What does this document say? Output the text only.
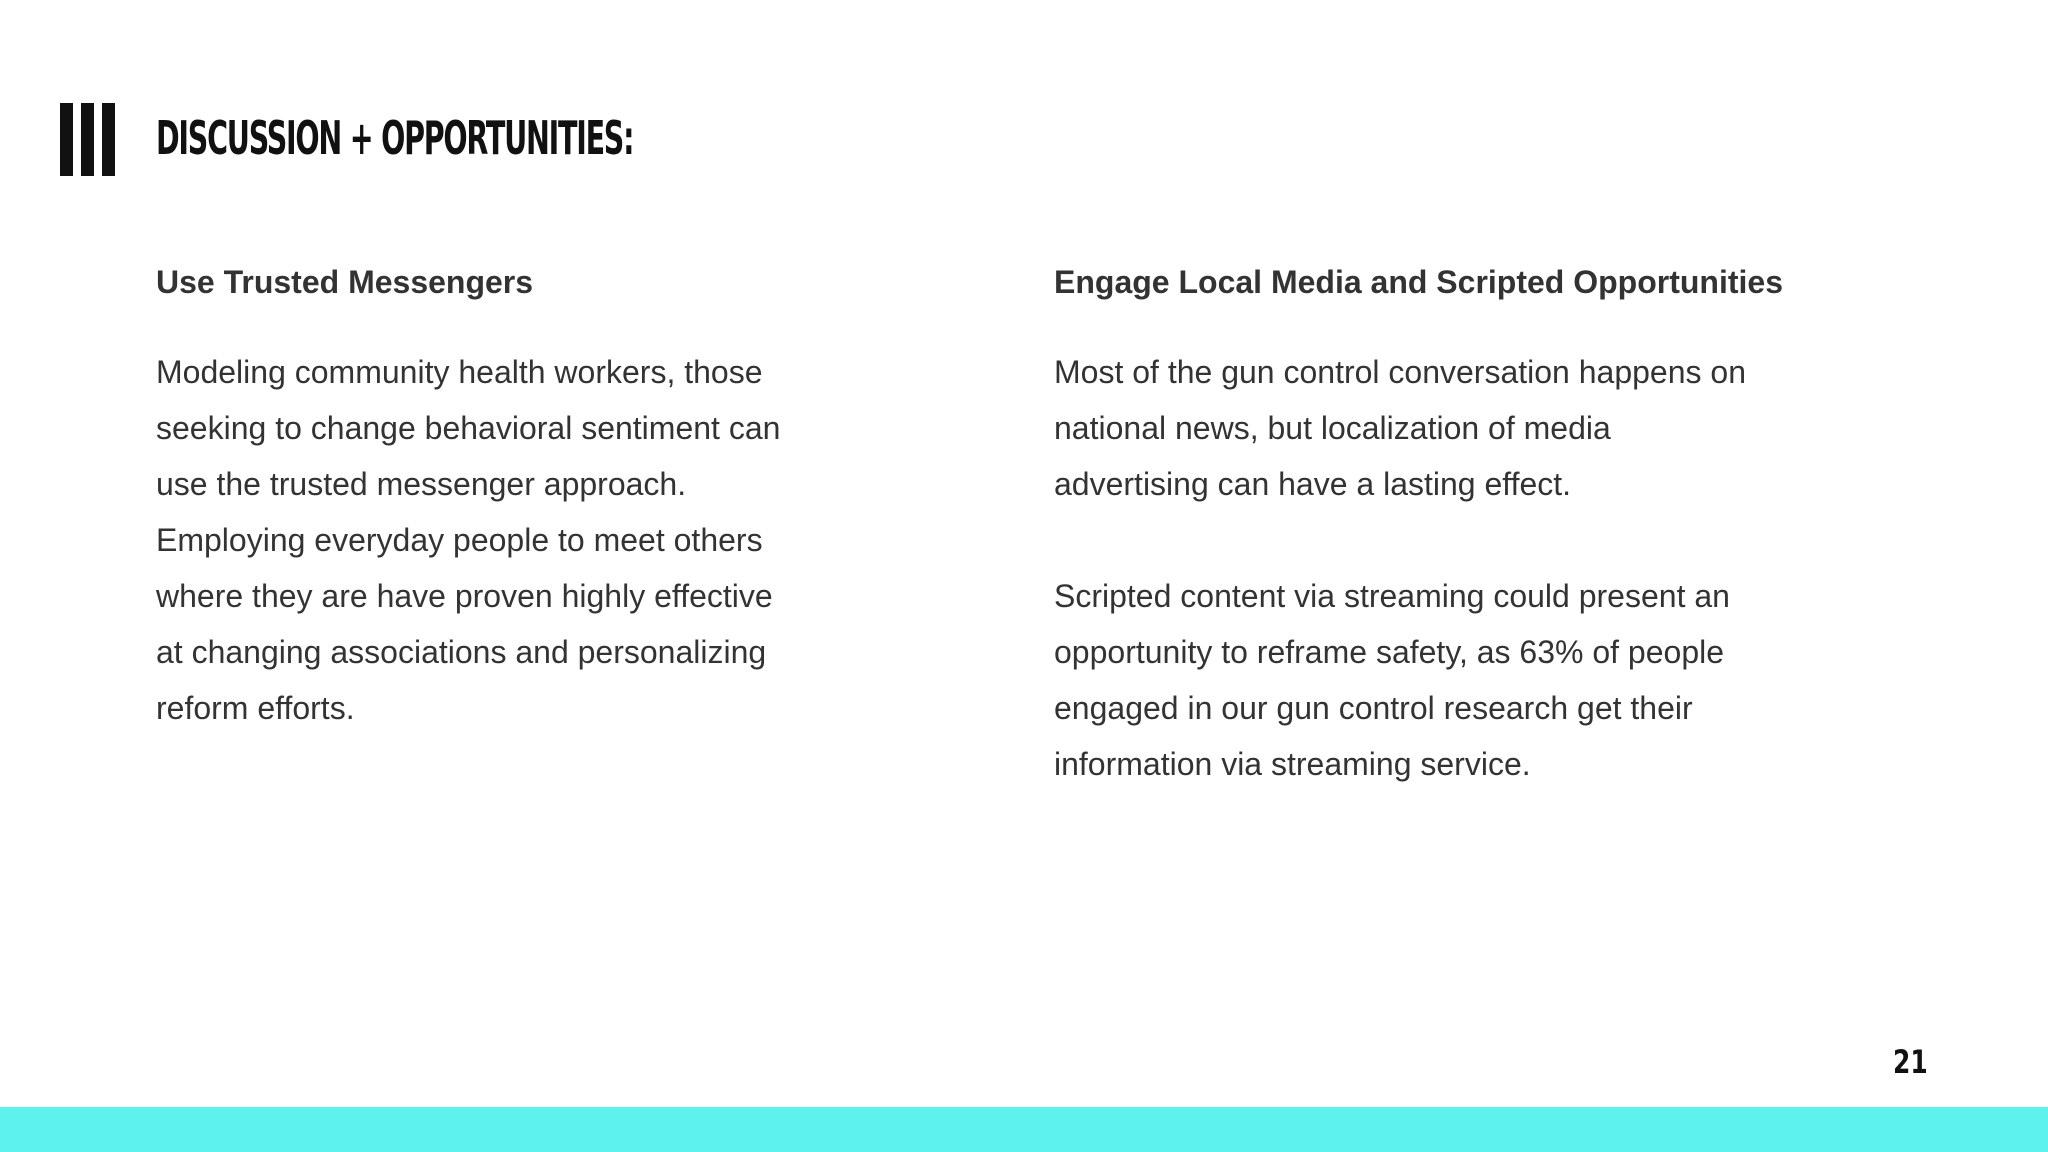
DISCUSSION + OPPORTUNITIES:
Use Trusted Messengers
Modeling community health workers, those
seeking to change behavioral sentiment can
use the trusted messenger approach.
Employing everyday people to meet others
where they are have proven highly effective
at changing associations and personalizing
reform efforts.
Engage Local Media and Scripted Opportunities
Most of the gun control conversation happens on
national news, but localization of media
advertising can have a lasting effect.
Scripted content via streaming could present an
opportunity to reframe safety, as 63% of people
engaged in our gun control research get their
information via streaming service.
21
